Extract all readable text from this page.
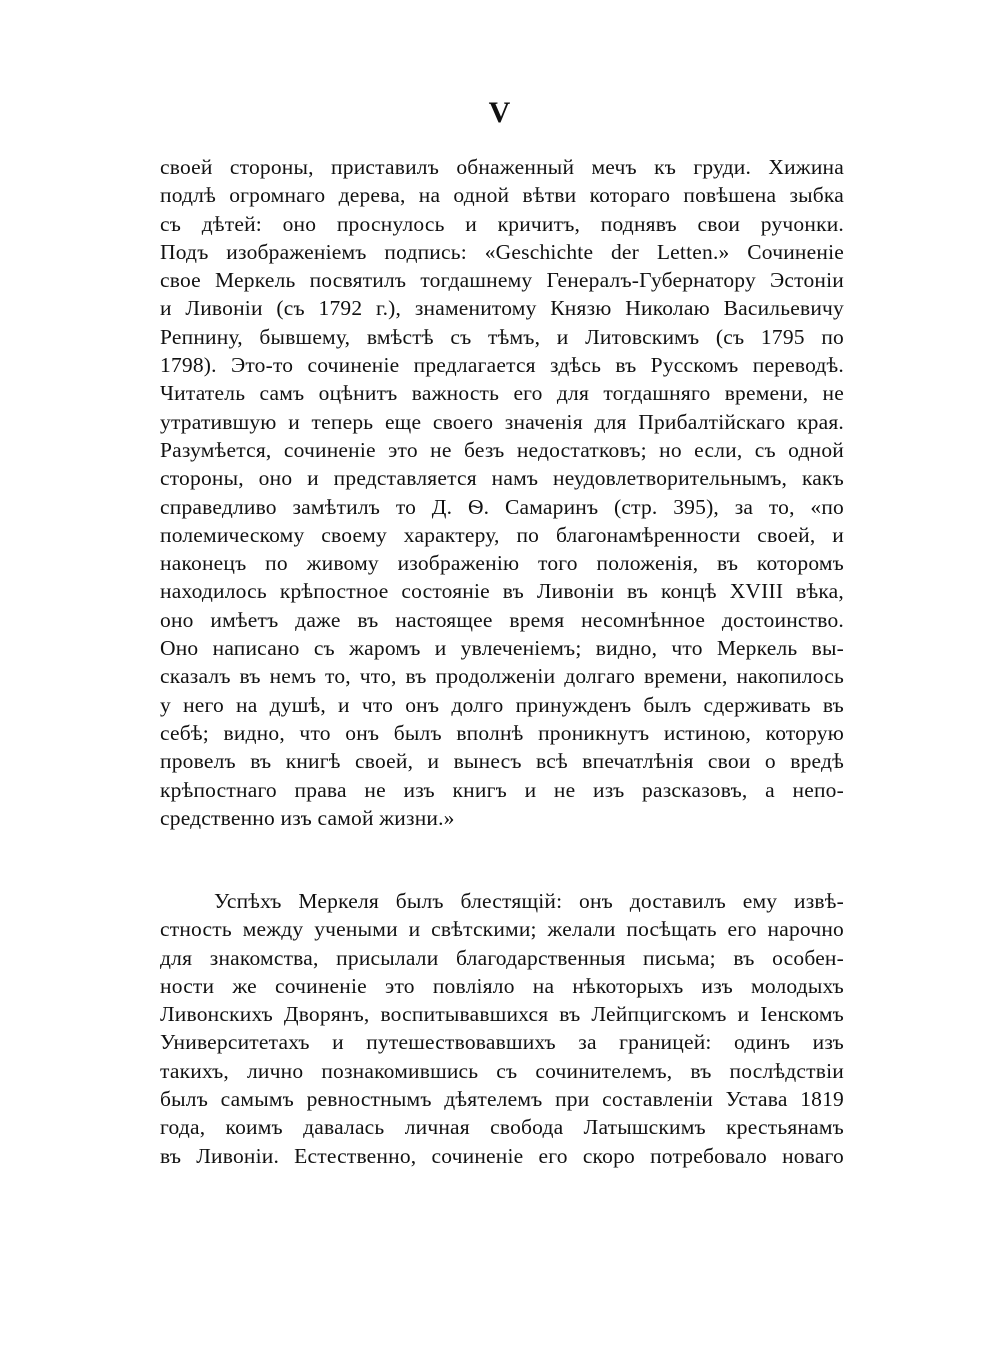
V
своей стороны, приставилъ обнаженный мечъ къ груди. Хижина
подлѣ огромнаго дерева, на одной вѣтви котораго повѣшена зыбка
съ дѣтей: оно проснулось и кричитъ, поднявъ свои ручонки.
Подъ изображеніемъ подпись: «Geschichte der Letten.» Сочиненіе
свое Меркель посвятилъ тогдашнему Генералъ-Губернатору Эстоніи
и Ливоніи (съ 1792 г.), знаменитому Князю Николаю Васильевичу
Репнину, бывшему, вмѣстѣ съ тѣмъ, и Литовскимъ (съ 1795 по
1798). Это-то сочиненіе предлагается здѣсь въ Русскомъ переводѣ.
Читатель самъ оцѣнитъ важность его для тогдашняго времени, не
утратившую и теперь еще своего значенія для Прибалтійскаго края.
Разумѣется, сочиненіе это не безъ недостатковъ; но если, съ одной
стороны, оно и представляется намъ неудовлетворительнымъ, какъ
справедливо замѣтилъ то Д. Ѳ. Самаринъ (стр. 395), за то, «по
полемическому своему характеру, по благонамѣренности своей, и
наконецъ по живому изображенію того положенія, въ которомъ
находилось крѣпостное состояніе въ Ливоніи въ концѣ XVIII вѣка,
оно имѣетъ даже въ настоящее время несомнѣнное достоинство.
Оно написано съ жаромъ и увлеченіемъ; видно, что Меркель вы-
сказалъ въ немъ то, что, въ продолженіи долгаго времени, накопилось
у него на душѣ, и что онъ долго принужденъ былъ сдерживать въ
себѣ; видно, что онъ былъ вполнѣ проникнутъ истиною, которую
провелъ въ книгѣ своей, и вынесъ всѣ впечатлѣнія свои о вредѣ
крѣпостнаго права не изъ книгъ и не изъ разсказовъ, а непо-
средственно изъ самой жизни.»
Успѣхъ Меркеля былъ блестящій: онъ доставилъ ему извѣ-
стность между учеными и свѣтскими; желали посѣщать его нарочно
для знакомства, присылали благодарственныя письма; въ особен-
ности же сочиненіе это повліяло на нѣкоторыхъ изъ молодыхъ
Ливонскихъ Дворянъ, воспитывавшихся въ Лейпцигскомъ и Іенскомъ
Университетахъ и путешествовавшихъ за границей: одинъ изъ
такихъ, лично познакомившись съ сочинителемъ, въ послѣдствіи
былъ самымъ ревностнымъ дѣятелемъ при составленіи Устава 1819
года, коимъ давалась личная свобода Латышскимъ крестьянамъ
въ Ливоніи. Естественно, сочиненіе его скоро потребовало новаго
